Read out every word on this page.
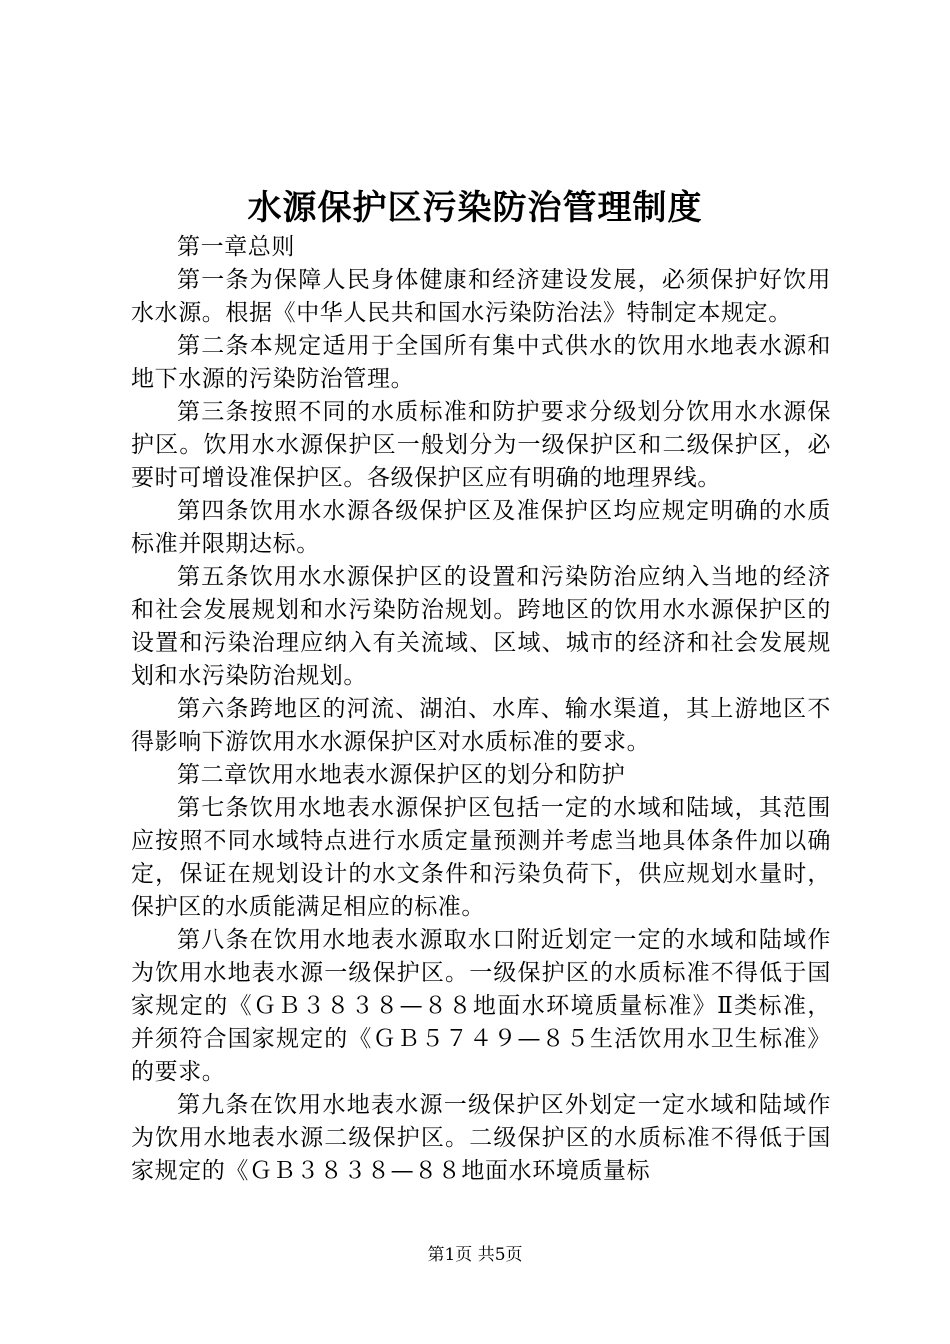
水源保护区污染防治管理制度

第一章总则

第一条为保障人民身体健康和经济建设发展，必须保护好饮用水水源。根据《中华人民共和国水污染防治法》特制定本规定。

第二条本规定适用于全国所有集中式供水的饮用水地表水源和地下水源的污染防治管理。

第三条按照不同的水质标准和防护要求分级划分饮用水水源保护区。饮用水水源保护区一般划分为一级保护区和二级保护区，必要时可增设准保护区。各级保护区应有明确的地理界线。

第四条饮用水水源各级保护区及准保护区均应规定明确的水质标准并限期达标。

第五条饮用水水源保护区的设置和污染防治应纳入当地的经济和社会发展规划和水污染防治规划。跨地区的饮用水水源保护区的设置和污染治理应纳入有关流域、区域、城市的经济和社会发展规划和水污染防治规划。

第六条跨地区的河流、湖泊、水库、输水渠道，其上游地区不得影响下游饮用水水源保护区对水质标准的要求。

第二章饮用水地表水源保护区的划分和防护

第七条饮用水地表水源保护区包括一定的水域和陆域，其范围应按照不同水域特点进行水质定量预测并考虑当地具体条件加以确定，保证在规划设计的水文条件和污染负荷下，供应规划水量时，保护区的水质能满足相应的标准。

第八条在饮用水地表水源取水口附近划定一定的水域和陆域作为饮用水地表水源一级保护区。一级保护区的水质标准不得低于国家规定的《ＧＢ３８３８—８８地面水环境质量标准》Ⅱ类标准，并须符合国家规定的《ＧＢ５７４９—８５生活饮用水卫生标准》的要求。

第九条在饮用水地表水源一级保护区外划定一定水域和陆域作为饮用水地表水源二级保护区。二级保护区的水质标准不得低于国家规定的《ＧＢ３８３８—８８地面水环境质量标

第1页 共5页
